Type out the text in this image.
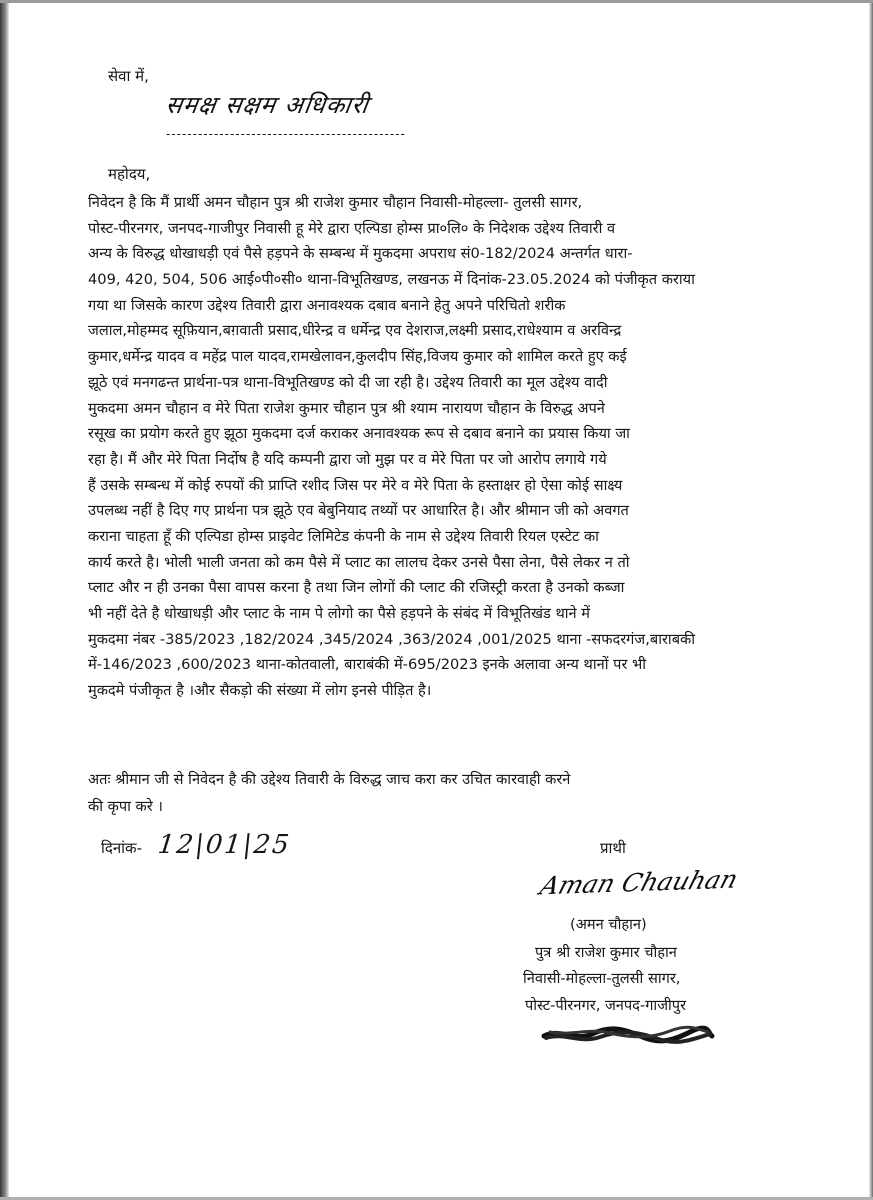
सेवा में,
समक्ष सक्षम अधिकारी
---------------------------------------------
महोदय,
निवेदन है कि मैं प्रार्थी अमन चौहान पुत्र श्री राजेश कुमार चौहान निवासी-मोहल्ला- तुलसी सागर,
पोस्ट-पीरनगर, जनपद-गाजीपुर निवासी हू मेरे द्वारा एल्पिडा होम्स प्रा०लि० के निदेशक उद्देश्य तिवारी व
अन्य के विरुद्ध धोखाधड़ी एवं पैसे हड़पने के सम्बन्ध में मुकदमा अपराध सं0-182/2024 अन्तर्गत धारा-
409, 420, 504, 506 आई०पी०सी० थाना-विभूतिखण्ड, लखनऊ में दिनांक-23.05.2024 को पंजीकृत कराया
गया था जिसके कारण उद्देश्य तिवारी द्वारा अनावश्यक दबाव बनाने हेतु अपने परिचितो शरीक
जलाल,मोहम्मद सूफ़ियान,बग़वाती प्रसाद,धीरेन्द्र व धर्मेन्द्र एव देशराज,लक्ष्मी प्रसाद,राधेश्याम व अरविन्द्र
कुमार,धर्मेन्द्र यादव व महेंद्र पाल यादव,रामखेलावन,कुलदीप सिंह,विजय कुमार को शामिल करते हुए कई
झूठे एवं मनगढन्त प्रार्थना-पत्र थाना-विभूतिखण्ड को दी जा रही है। उद्देश्य तिवारी का मूल उद्देश्य वादी
मुकदमा अमन चौहान व मेरे पिता राजेश कुमार चौहान पुत्र श्री श्याम नारायण चौहान के विरुद्ध अपने
रसूख का प्रयोग करते हुए झूठा मुकदमा दर्ज कराकर अनावश्यक रूप से दबाव बनाने का प्रयास किया जा
रहा है। मैं और मेरे पिता निर्दोष है यदि कम्पनी द्वारा जो मुझ पर व मेरे पिता पर जो आरोप लगाये गये
हैं उसके सम्बन्ध में कोई रुपयों की प्राप्ति रशीद जिस पर मेरे व मेरे पिता के हस्ताक्षर हो ऐसा कोई साक्ष्य
उपलब्ध नहीं है दिए गए प्रार्थना पत्र झूठे एव बेबुनियाद तथ्यों पर आधारित है। और श्रीमान जी को अवगत
कराना चाहता हूँ की एल्पिडा होम्स प्राइवेट लिमिटेड कंपनी के नाम से उद्देश्य तिवारी रियल एस्टेट का
कार्य करते है। भोली भाली जनता को कम पैसे में प्लाट का लालच देकर उनसे पैसा लेना, पैसे लेकर न तो
प्लाट और न ही उनका पैसा वापस करना है तथा जिन लोगों की प्लाट की रजिस्ट्री करता है उनको कब्जा
भी नहीं देते है धोखाधड़ी और प्लाट के नाम पे लोगो का पैसे हड़पने के संबंद में विभूतिखंड थाने में
मुकदमा नंबर -385/2023 ,182/2024 ,345/2024 ,363/2024 ,001/2025 थाना -सफदरगंज,बाराबकी
में-146/2023 ,600/2023 थाना-कोतवाली, बाराबंकी में-695/2023 इनके अलावा अन्य थानों पर भी
मुकदमे पंजीकृत है ।और सैकड़ो की संख्या में लोग इनसे पीड़ित है।
अतः श्रीमान जी से निवेदन है की उद्देश्य तिवारी के विरुद्ध जाच करा कर उचित कारवाही करने
की कृपा करे ।
दिनांक- 12|01|25	प्राथी
Aman Chauhan
(अमन चौहान)
पुत्र श्री राजेश कुमार चौहान
निवासी-मोहल्ला-तुलसी सागर,
पोस्ट-पीरनगर, जनपद-गाजीपुर
